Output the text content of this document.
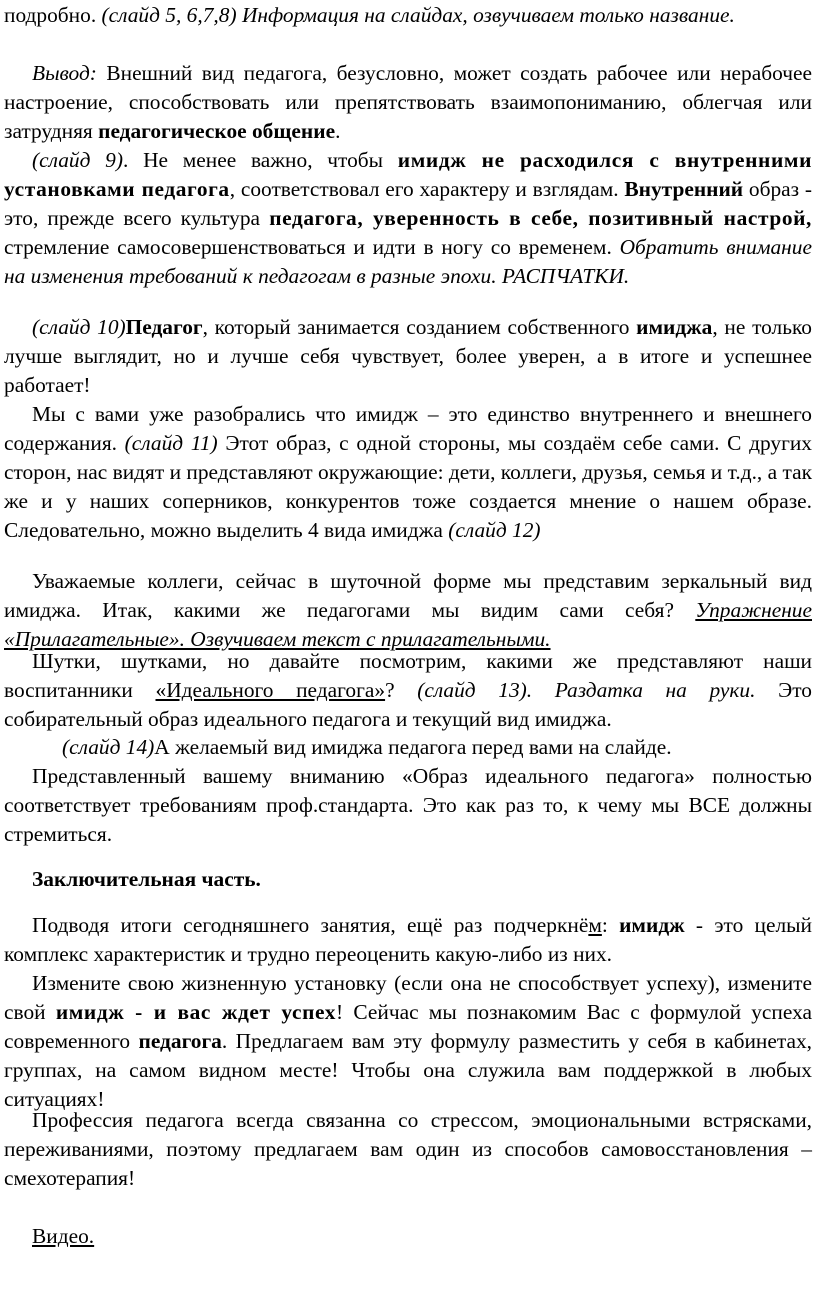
подробно. (слайд 5, 6,7,8) Информация на слайдах, озвучиваем только название.

Вывод: Внешний вид педагога, безусловно, может создать рабочее или нерабочее настроение, способствовать или препятствовать взаимопониманию, облегчая или затрудняя педагогическое общение.

(слайд 9). Не менее важно, чтобы имидж не расходился с внутренними установками педагога, соответствовал его характеру и взглядам. Внутренний образ - это, прежде всего культура педагога, уверенность в себе, позитивный настрой, стремление самосовершенствоваться и идти в ногу со временем. Обратить внимание на изменения требований к педагогам в разные эпохи. РАСПЧАТКИ.

(слайд 10)Педагог, который занимается созданием собственного имиджа, не только лучше выглядит, но и лучше себя чувствует, более уверен, а в итоге и успешнее работает!

Мы с вами уже разобрались что имидж – это единство внутреннего и внешнего содержания. (слайд 11) Этот образ, с одной стороны, мы создаём себе сами. С других сторон, нас видят и представляют окружающие: дети, коллеги, друзья, семья и т.д., а так же и у наших соперников, конкурентов тоже создается мнение о нашем образе. Следовательно, можно выделить 4 вида имиджа (слайд 12)

Уважаемые коллеги, сейчас в шуточной форме мы представим зеркальный вид имиджа. Итак, какими же педагогами мы видим сами себя? Упражнение «Прилагательные». Озвучиваем текст с прилагательными.

Шутки, шутками, но давайте посмотрим, какими же представляют наши воспитанники «Идеального педагога»? (слайд 13). Раздатка на руки. Это собирательный образ идеального педагога и текущий вид имиджа.

(слайд 14)А желаемый вид имиджа педагога перед вами на слайде.

Представленный вашему вниманию «Образ идеального педагога» полностью соответствует требованиям проф.стандарта. Это как раз то, к чему мы ВСЕ должны стремиться.

Заключительная часть.

Подводя итоги сегодняшнего занятия, ещё раз подчеркнём: имидж - это целый комплекс характеристик и трудно переоценить какую-либо из них.

Измените свою жизненную установку (если она не способствует успеху), измените свой имидж - и вас ждет успех! Сейчас мы познакомим Вас с формулой успеха современного педагога. Предлагаем вам эту формулу разместить у себя в кабинетах, группах, на самом видном месте! Чтобы она служила вам поддержкой в любых ситуациях!

Профессия педагога всегда связанна со стрессом, эмоциональными встрясками, переживаниями, поэтому предлагаем вам один из способов самовосстановления – смехотерапия!

Видео.
